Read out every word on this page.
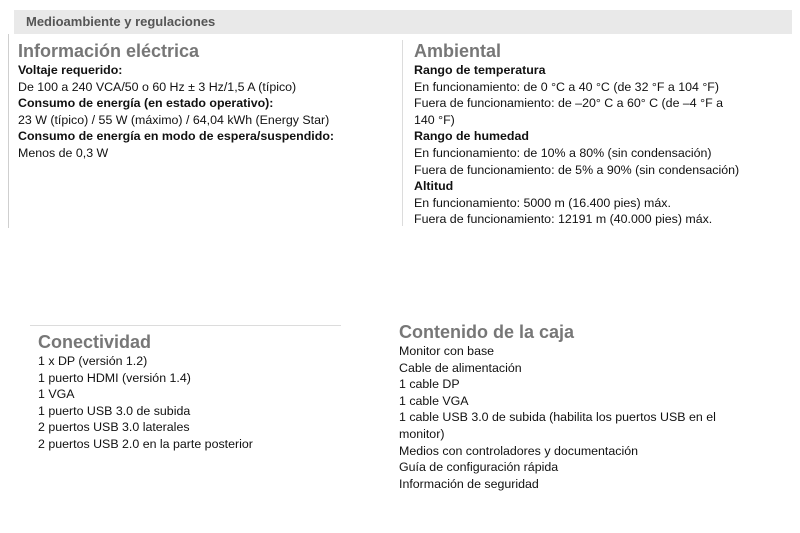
Medioambiente y regulaciones
Información eléctrica
Voltaje requerido:
De 100 a 240 VCA/50 o 60 Hz ± 3 Hz/1,5 A (típico)
Consumo de energía (en estado operativo):
23 W (típico) / 55 W (máximo) / 64,04 kWh (Energy Star)
Consumo de energía en modo de espera/suspendido:
Menos de 0,3 W
Ambiental
Rango de temperatura
En funcionamiento: de 0 °C a 40 °C (de 32 °F a 104 °F)
Fuera de funcionamiento: de –20° C a 60° C (de –4 °F a
140 °F)
Rango de humedad
En funcionamiento: de 10% a 80% (sin condensación)
Fuera de funcionamiento: de 5% a 90% (sin condensación)
Altitud
En funcionamiento: 5000 m (16.400 pies) máx.
Fuera de funcionamiento: 12191 m (40.000 pies) máx.
Conectividad
1 x DP (versión 1.2)
1 puerto HDMI (versión 1.4)
1 VGA
1 puerto USB 3.0 de subida
2 puertos USB 3.0 laterales
2 puertos USB 2.0 en la parte posterior
Contenido de la caja
Monitor con base
Cable de alimentación
1 cable DP
1 cable VGA
1 cable USB 3.0 de subida (habilita los puertos USB en el
monitor)
Medios con controladores y documentación
Guía de configuración rápida
Información de seguridad
